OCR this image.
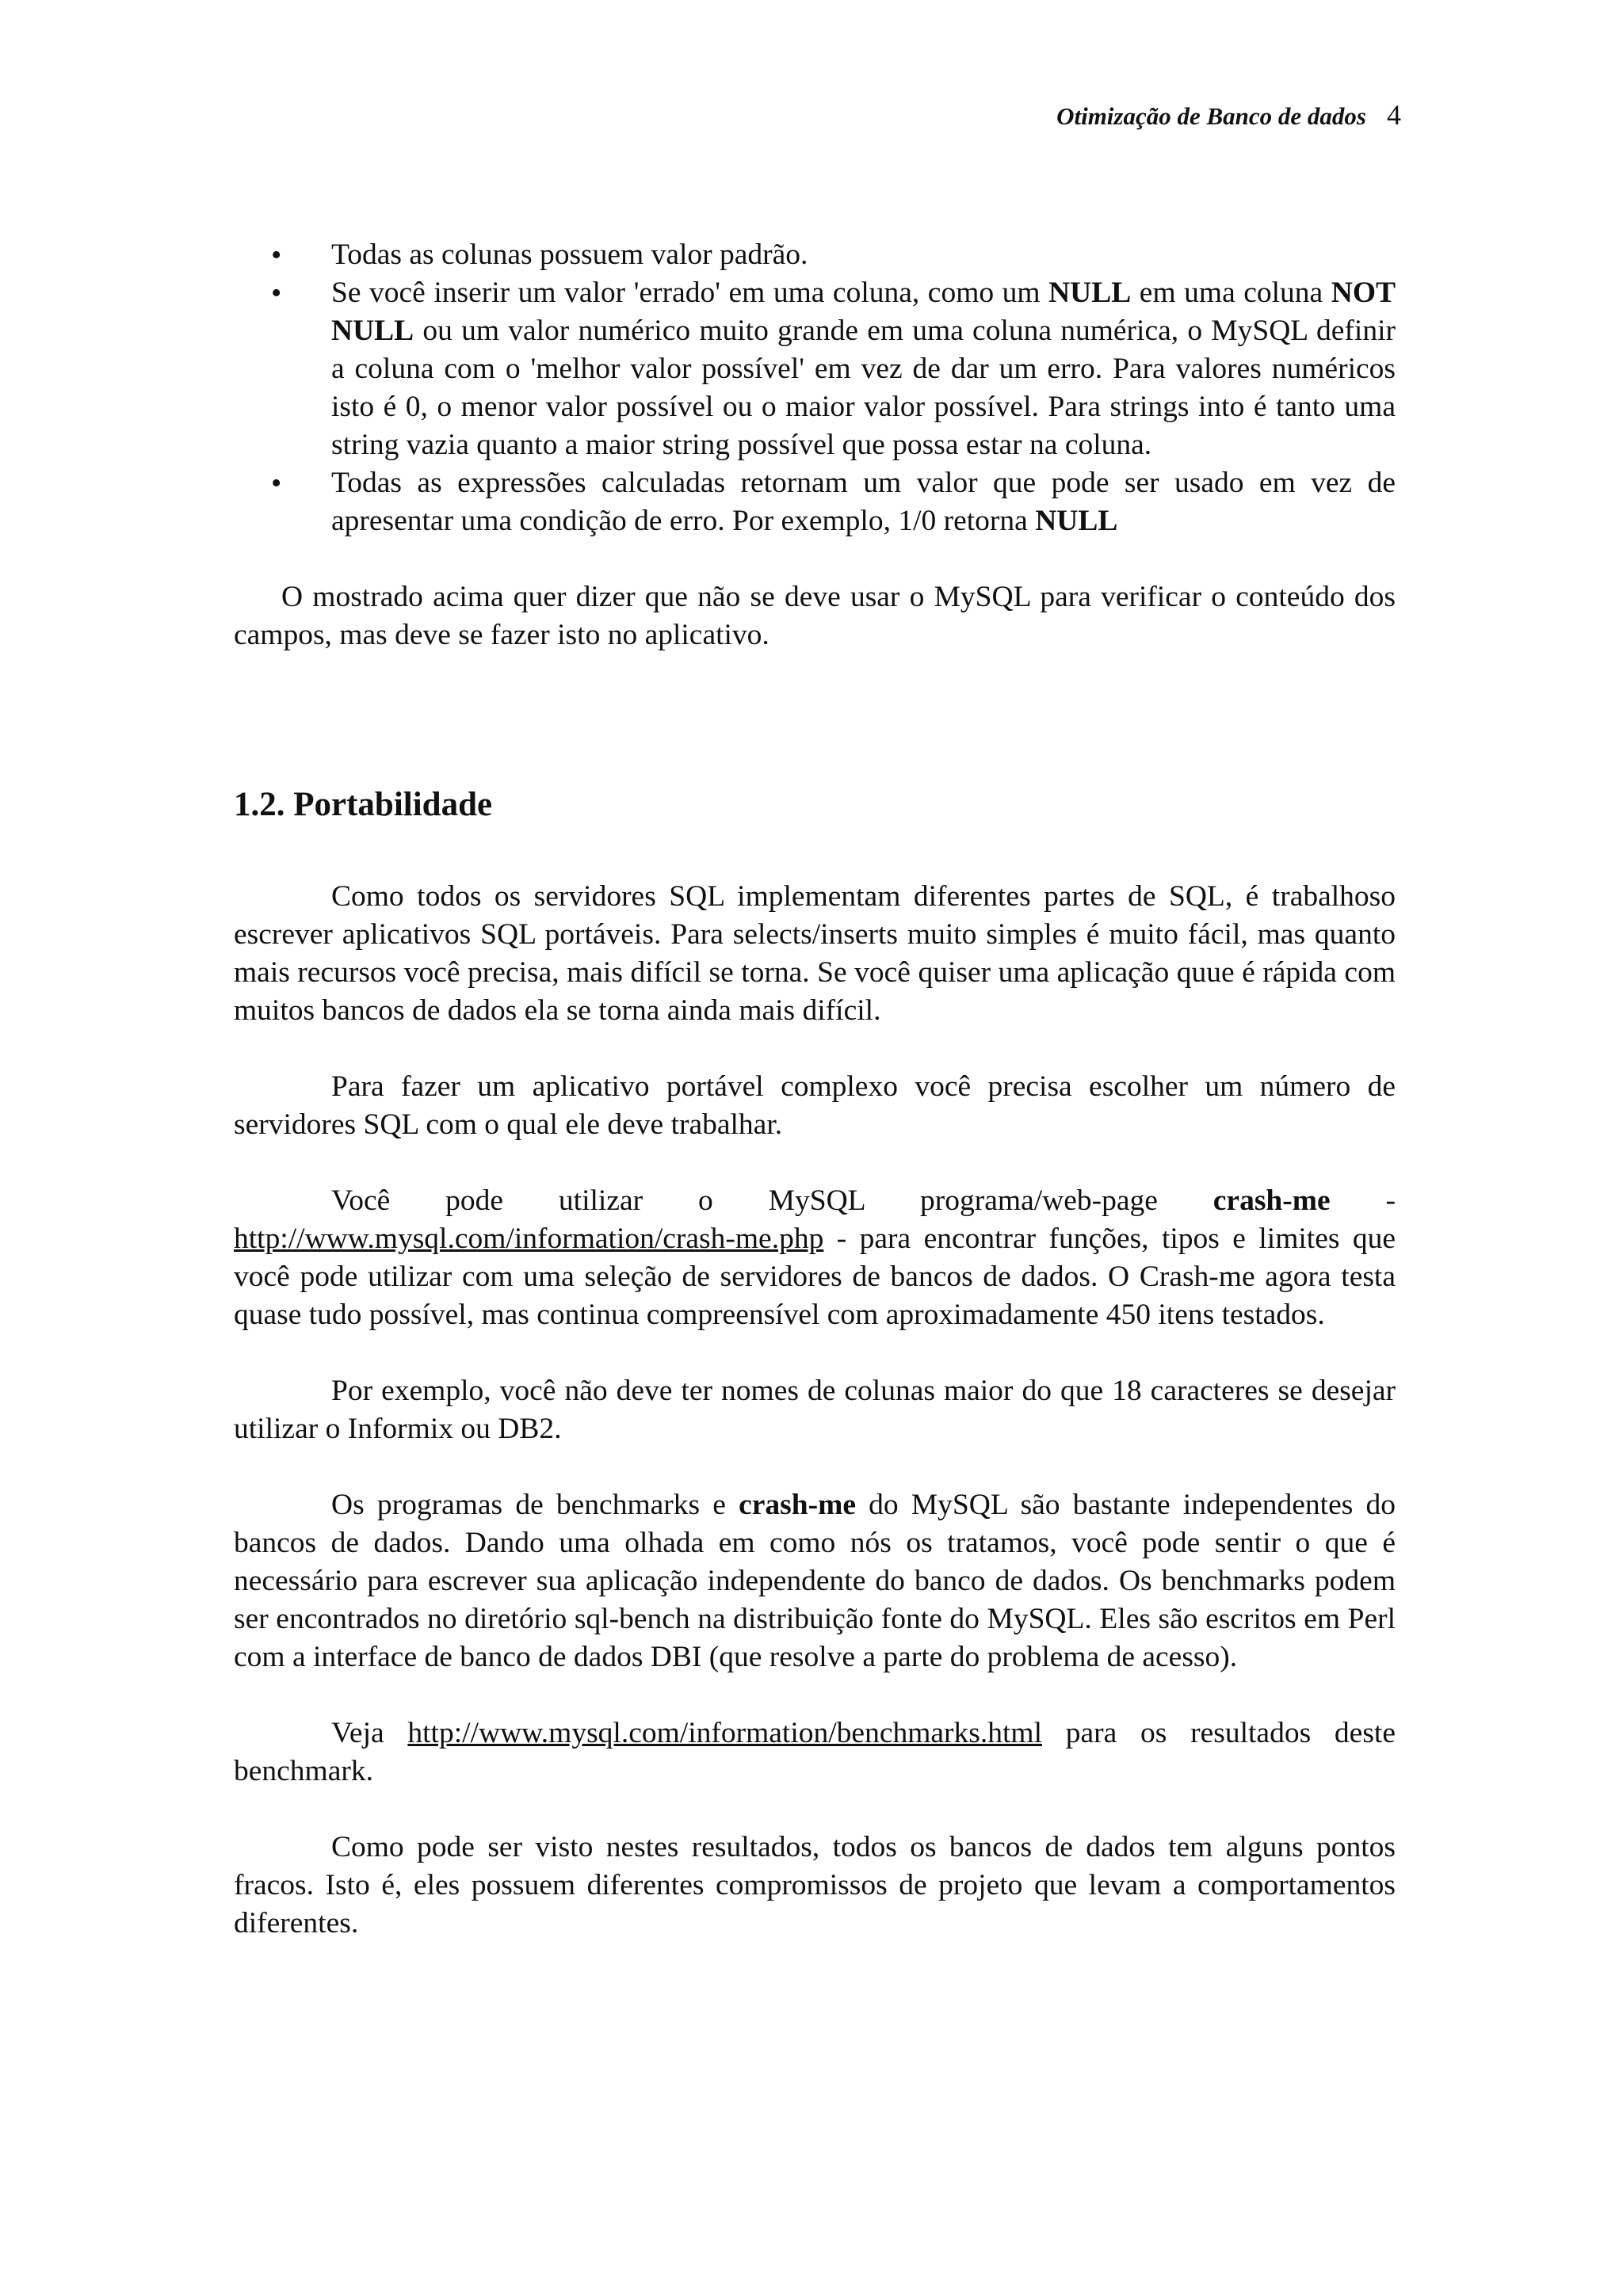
Otimização de Banco de dados 4
• Todas as colunas possuem valor padrão.
• Se você inserir um valor 'errado' em uma coluna, como um NULL em uma coluna NOT NULL ou um valor numérico muito grande em uma coluna numérica, o MySQL definir a coluna com o 'melhor valor possível' em vez de dar um erro. Para valores numéricos isto é 0, o menor valor possível ou o maior valor possível. Para strings into é tanto uma string vazia quanto a maior string possível que possa estar na coluna.
• Todas as expressões calculadas retornam um valor que pode ser usado em vez de apresentar uma condição de erro. Por exemplo, 1/0 retorna NULL

O mostrado acima quer dizer que não se deve usar o MySQL para verificar o conteúdo dos campos, mas deve se fazer isto no aplicativo.

1.2. Portabilidade

Como todos os servidores SQL implementam diferentes partes de SQL, é trabalhoso escrever aplicativos SQL portáveis. Para selects/inserts muito simples é muito fácil, mas quanto mais recursos você precisa, mais difícil se torna. Se você quiser uma aplicação quue é rápida com muitos bancos de dados ela se torna ainda mais difícil.

Para fazer um aplicativo portável complexo você precisa escolher um número de servidores SQL com o qual ele deve trabalhar.

Você pode utilizar o MySQL programa/web-page crash-me - http://www.mysql.com/information/crash-me.php - para encontrar funções, tipos e limites que você pode utilizar com uma seleção de servidores de bancos de dados. O Crash-me agora testa quase tudo possível, mas continua compreensível com aproximadamente 450 itens testados.

Por exemplo, você não deve ter nomes de colunas maior do que 18 caracteres se desejar utilizar o Informix ou DB2.

Os programas de benchmarks e crash-me do MySQL são bastante independentes do bancos de dados. Dando uma olhada em como nós os tratamos, você pode sentir o que é necessário para escrever sua aplicação independente do banco de dados. Os benchmarks podem ser encontrados no diretório sql-bench na distribuição fonte do MySQL. Eles são escritos em Perl com a interface de banco de dados DBI (que resolve a parte do problema de acesso).

Veja http://www.mysql.com/information/benchmarks.html para os resultados deste benchmark.

Como pode ser visto nestes resultados, todos os bancos de dados tem alguns pontos fracos. Isto é, eles possuem diferentes compromissos de projeto que levam a comportamentos diferentes.
